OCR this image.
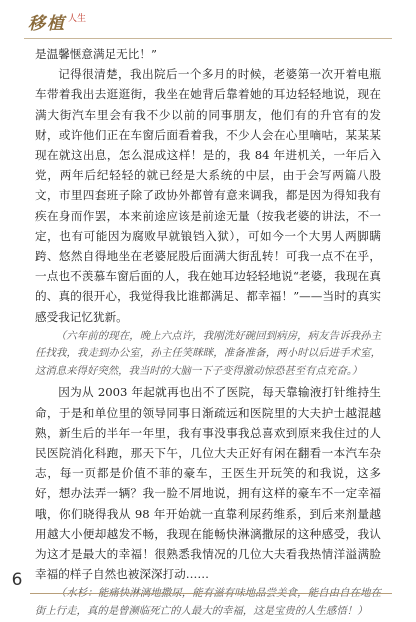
移植 人生

是温馨惬意满足无比！”

记得很清楚，我出院后一个多月的时候，老婆第一次开着电瓶车带着我出去逛逛街，我坐在她背后靠着她的耳边轻轻地说，现在满大街汽车里会有我不少以前的同事朋友，他们有的升官有的发财，或许他们正在车窗后面看着我，不少人会在心里嘀咕，某某某现在就这出息，怎么混成这样！是的，我 84 年进机关，一年后入党，两年后纪轻轻的就已经是大系统的中层，由于会写两篇八股文，市里四套班子除了政协外都曾有意来调我，都是因为得知我有疾在身而作罢，本来前途应该是前途无量（按我老婆的讲法，不一定，也有可能因为腐败早就锒铛入狱），可如今一个大男人两脚瞒跨、悠然自得地坐在老婆屁股后面满大街乱转！可我一点不在乎，一点也不羡慕车窗后面的人，我在她耳边轻轻地说“老婆，我现在真的、真的很开心，我觉得我比谁都满足、都幸福！”——当时的真实感受我记忆犹新。

（六年前的现在，晚上六点许，我刚洗好碗回到病房，病友告诉我孙主任找我，我走到办公室，孙主任笑眯眯，准备准备，两小时以后进手术室，这消息来得好突然，我当时的大脑一下子变得激动惊恐甚至有点充奋。）

因为从 2003 年起就再也出不了医院，每天靠输液打针维持生命，于是和单位里的领导同事日渐疏远和医院里的大夫护士越混越熟，新生后的半年一年里，我有事没事我总喜欢到原来我住过的人民医院消化科跑，那天下午，几位大夫正好有闲在翻看一本汽车杂志，每一页都是价值不菲的豪车，王医生开玩笑的和我说，这多好，想办法弄一辆？我一脸不屑地说，拥有这样的豪车不一定幸福哦，你们晓得我从 98 年开始就一直靠利尿药维系，到后来剂量越用越大小便却越发不畅，我现在能畅快淋漓撒尿的这种感受，我认为这才是最大的幸福！很熟悉我情况的几位大夫看我热情洋溢满脸幸福的样子自然也被深深打动……

（水杉：能痛快淋漓地撒尿，能有滋有味地品尝美食，能自由自在地在街上行走，真的是曾濒临死亡的人最大的幸福，这是宝贵的人生感悟！）

6
